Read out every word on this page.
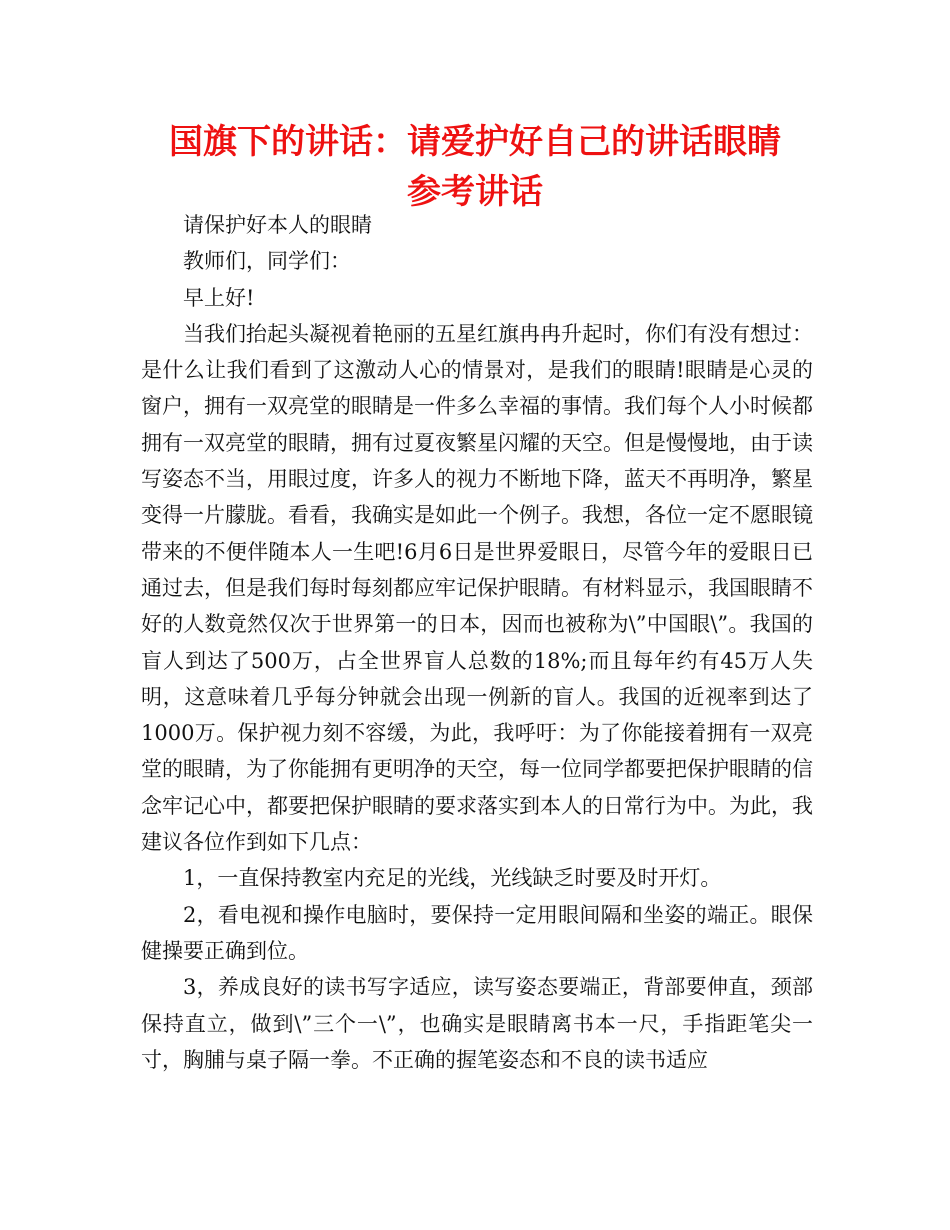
国旗下的讲话：请爱护好自己的讲话眼睛
参考讲话

请保护好本人的眼睛

教师们，同学们：

早上好!

当我们抬起头凝视着艳丽的五星红旗冉冉升起时，你们有没有想过：是什么让我们看到了这激动人心的情景对，是我们的眼睛!眼睛是心灵的窗户，拥有一双亮堂的眼睛是一件多么幸福的事情。我们每个人小时候都拥有一双亮堂的眼睛，拥有过夏夜繁星闪耀的天空。但是慢慢地，由于读写姿态不当，用眼过度，许多人的视力不断地下降，蓝天不再明净，繁星变得一片朦胧。看看，我确实是如此一个例子。我想，各位一定不愿眼镜带来的不便伴随本人一生吧!6月6日是世界爱眼日，尽管今年的爱眼日已通过去，但是我们每时每刻都应牢记保护眼睛。有材料显示，我国眼睛不好的人数竟然仅次于世界第一的日本，因而也被称为\”中国眼\”。我国的盲人到达了500万，占全世界盲人总数的18%;而且每年约有45万人失明，这意味着几乎每分钟就会出现一例新的盲人。我国的近视率到达了1000万。保护视力刻不容缓，为此，我呼吁：为了你能接着拥有一双亮堂的眼睛，为了你能拥有更明净的天空，每一位同学都要把保护眼睛的信念牢记心中，都要把保护眼睛的要求落实到本人的日常行为中。为此，我建议各位作到如下几点：

1，一直保持教室内充足的光线，光线缺乏时要及时开灯。

2，看电视和操作电脑时，要保持一定用眼间隔和坐姿的端正。眼保健操要正确到位。

3，养成良好的读书写字适应，读写姿态要端正，背部要伸直，颈部保持直立，做到\”三个一\”，也确实是眼睛离书本一尺，手指距笔尖一寸，胸脯与桌子隔一拳。不正确的握笔姿态和不良的读书适应
